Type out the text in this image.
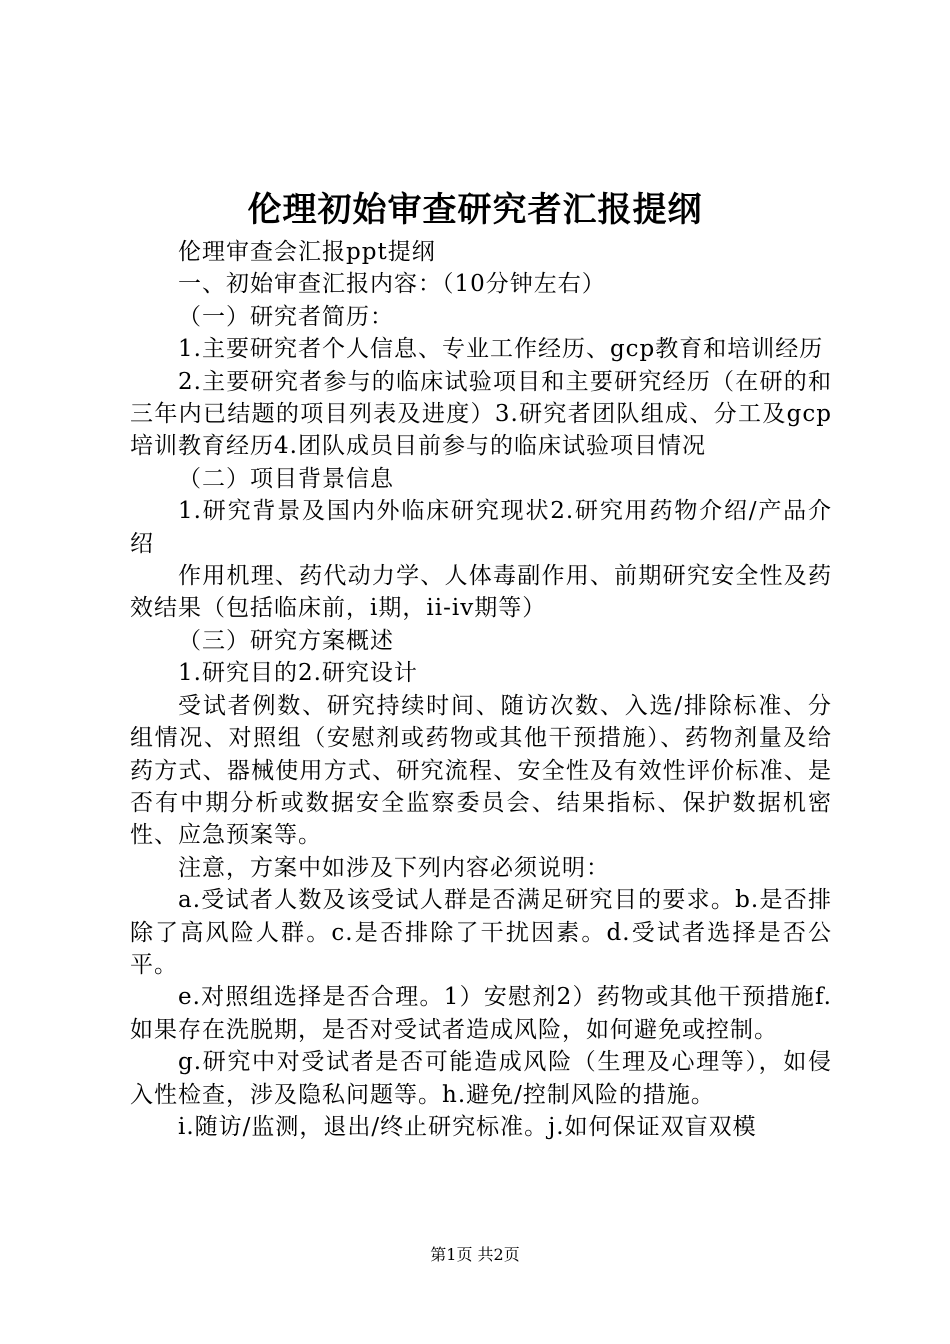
伦理初始审查研究者汇报提纲

伦理审查会汇报ppt提纲

一、初始审查汇报内容：（10分钟左右）

（一）研究者简历：

1.主要研究者个人信息、专业工作经历、gcp教育和培训经历

2.主要研究者参与的临床试验项目和主要研究经历（在研的和三年内已结题的项目列表及进度）3.研究者团队组成、分工及gcp培训教育经历4.团队成员目前参与的临床试验项目情况

（二）项目背景信息

1.研究背景及国内外临床研究现状2.研究用药物介绍/产品介绍

作用机理、药代动力学、人体毒副作用、前期研究安全性及药效结果（包括临床前，i期，ii-iv期等）

（三）研究方案概述

1.研究目的2.研究设计

受试者例数、研究持续时间、随访次数、入选/排除标准、分组情况、对照组（安慰剂或药物或其他干预措施）、药物剂量及给药方式、器械使用方式、研究流程、安全性及有效性评价标准、是否有中期分析或数据安全监察委员会、结果指标、保护数据机密性、应急预案等。

注意，方案中如涉及下列内容必须说明：

a.受试者人数及该受试人群是否满足研究目的要求。b.是否排除了高风险人群。c.是否排除了干扰因素。d.受试者选择是否公平。

e.对照组选择是否合理。1）安慰剂2）药物或其他干预措施f.如果存在洗脱期，是否对受试者造成风险，如何避免或控制。

g.研究中对受试者是否可能造成风险（生理及心理等），如侵入性检查，涉及隐私问题等。h.避免/控制风险的措施。

i.随访/监测，退出/终止研究标准。j.如何保证双盲双模

第1页 共2页
